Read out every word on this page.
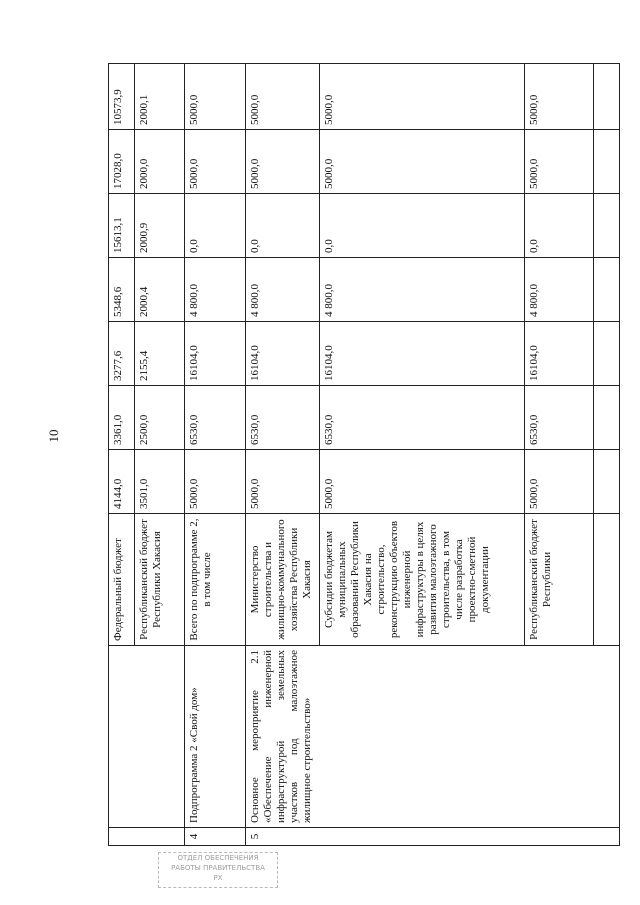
10
ОТДЕЛ ОБЕСПЕЧЕНИЯ
РАБОТЫ ПРАВИТЕЛЬСТВА
РХ
		Федеральный бюджет	4144,0	3361,0	3277,6	5348,6	15613,1	17028,0	10573,9
		Республиканский бюджет Республики Хакасия	3501,0	2500,0	2155,4	2000,4	2000,9	2000,0	2000,1
4	Подпрограмма 2 «Свой дом»	Всего по подпрограмме 2, в том числе	5000,0	6530,0	16104,0	4 800,0	0,0	5000,0	5000,0
5	Основное мероприятие 2.1 «Обеспечение инженерной инфраструктурой земельных участков под малоэтажное жилищное строительство»	Министерство строительства и жилищно-коммунального хозяйства Республики Хакасия	5000,0	6530,0	16104,0	4 800,0	0,0	5000,0	5000,0
		Субсидии бюджетам муниципальных образований Республики Хакасия на строительство, реконструкцию объектов инженерной инфраструктуры в целях развития малоэтажного строительства, в том числе разработка проектно-сметной документации	5000,0	6530,0	16104,0	4 800,0	0,0	5000,0	5000,0
		Республиканский бюджет Республики	5000,0	6530,0	16104,0	4 800,0	0,0	5000,0	5000,0
